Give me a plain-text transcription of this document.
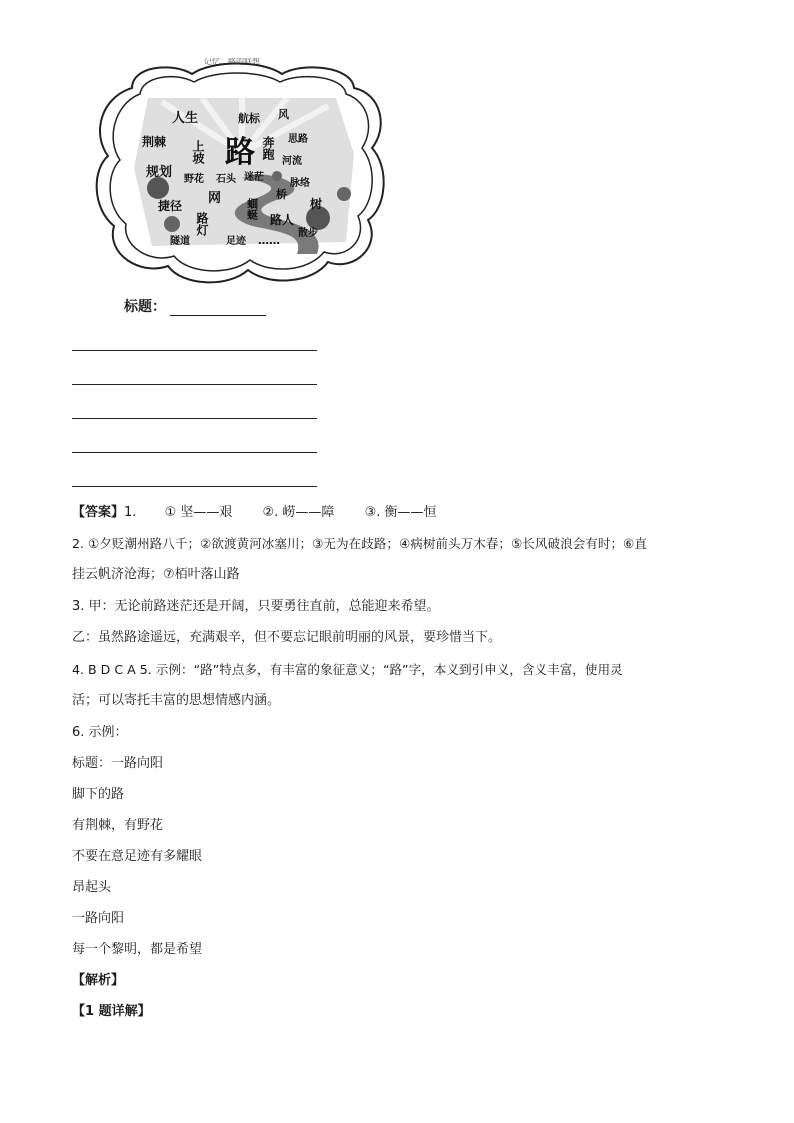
记忆…路的联想
路
人生	航标 风
荆棘 上坡	奔跑 思路
河流
规划 野花 石头 迷茫
脉络
捷径 网	桥
树
路灯
蜖蜒 路人
散步
隧道	足迹 ……
标题：
【答案】1. ① 坚——艰 ②. 崂——障 ③. 衡——恒
2. ①夕贬潮州路八千；②欲渡黄河冰塞川；③无为在歧路；④病树前头万木春；⑤长风破浪会有时；⑥直
挂云帆济沧海；⑦栢叶落山路
3. 甲：无论前路迷茫还是开阔，只要勇往直前，总能迎来希望。
乙：虽然路途遥远，充满艰辛，但不要忘记眼前明丽的风景，要珍惜当下。
4. B D C A 5. 示例：“路”特点多，有丰富的象征意义；“路”字，本义到引申义，含义丰富，使用灵
活；可以寄托丰富的思想情感内涵。
6. 示例：
标题：一路向阳
脚下的路
有荆棘，有野花
不要在意足迹有多耀眼
昂起头
一路向阳
每一个黎明，都是希望
【解析】
【1 题详解】
